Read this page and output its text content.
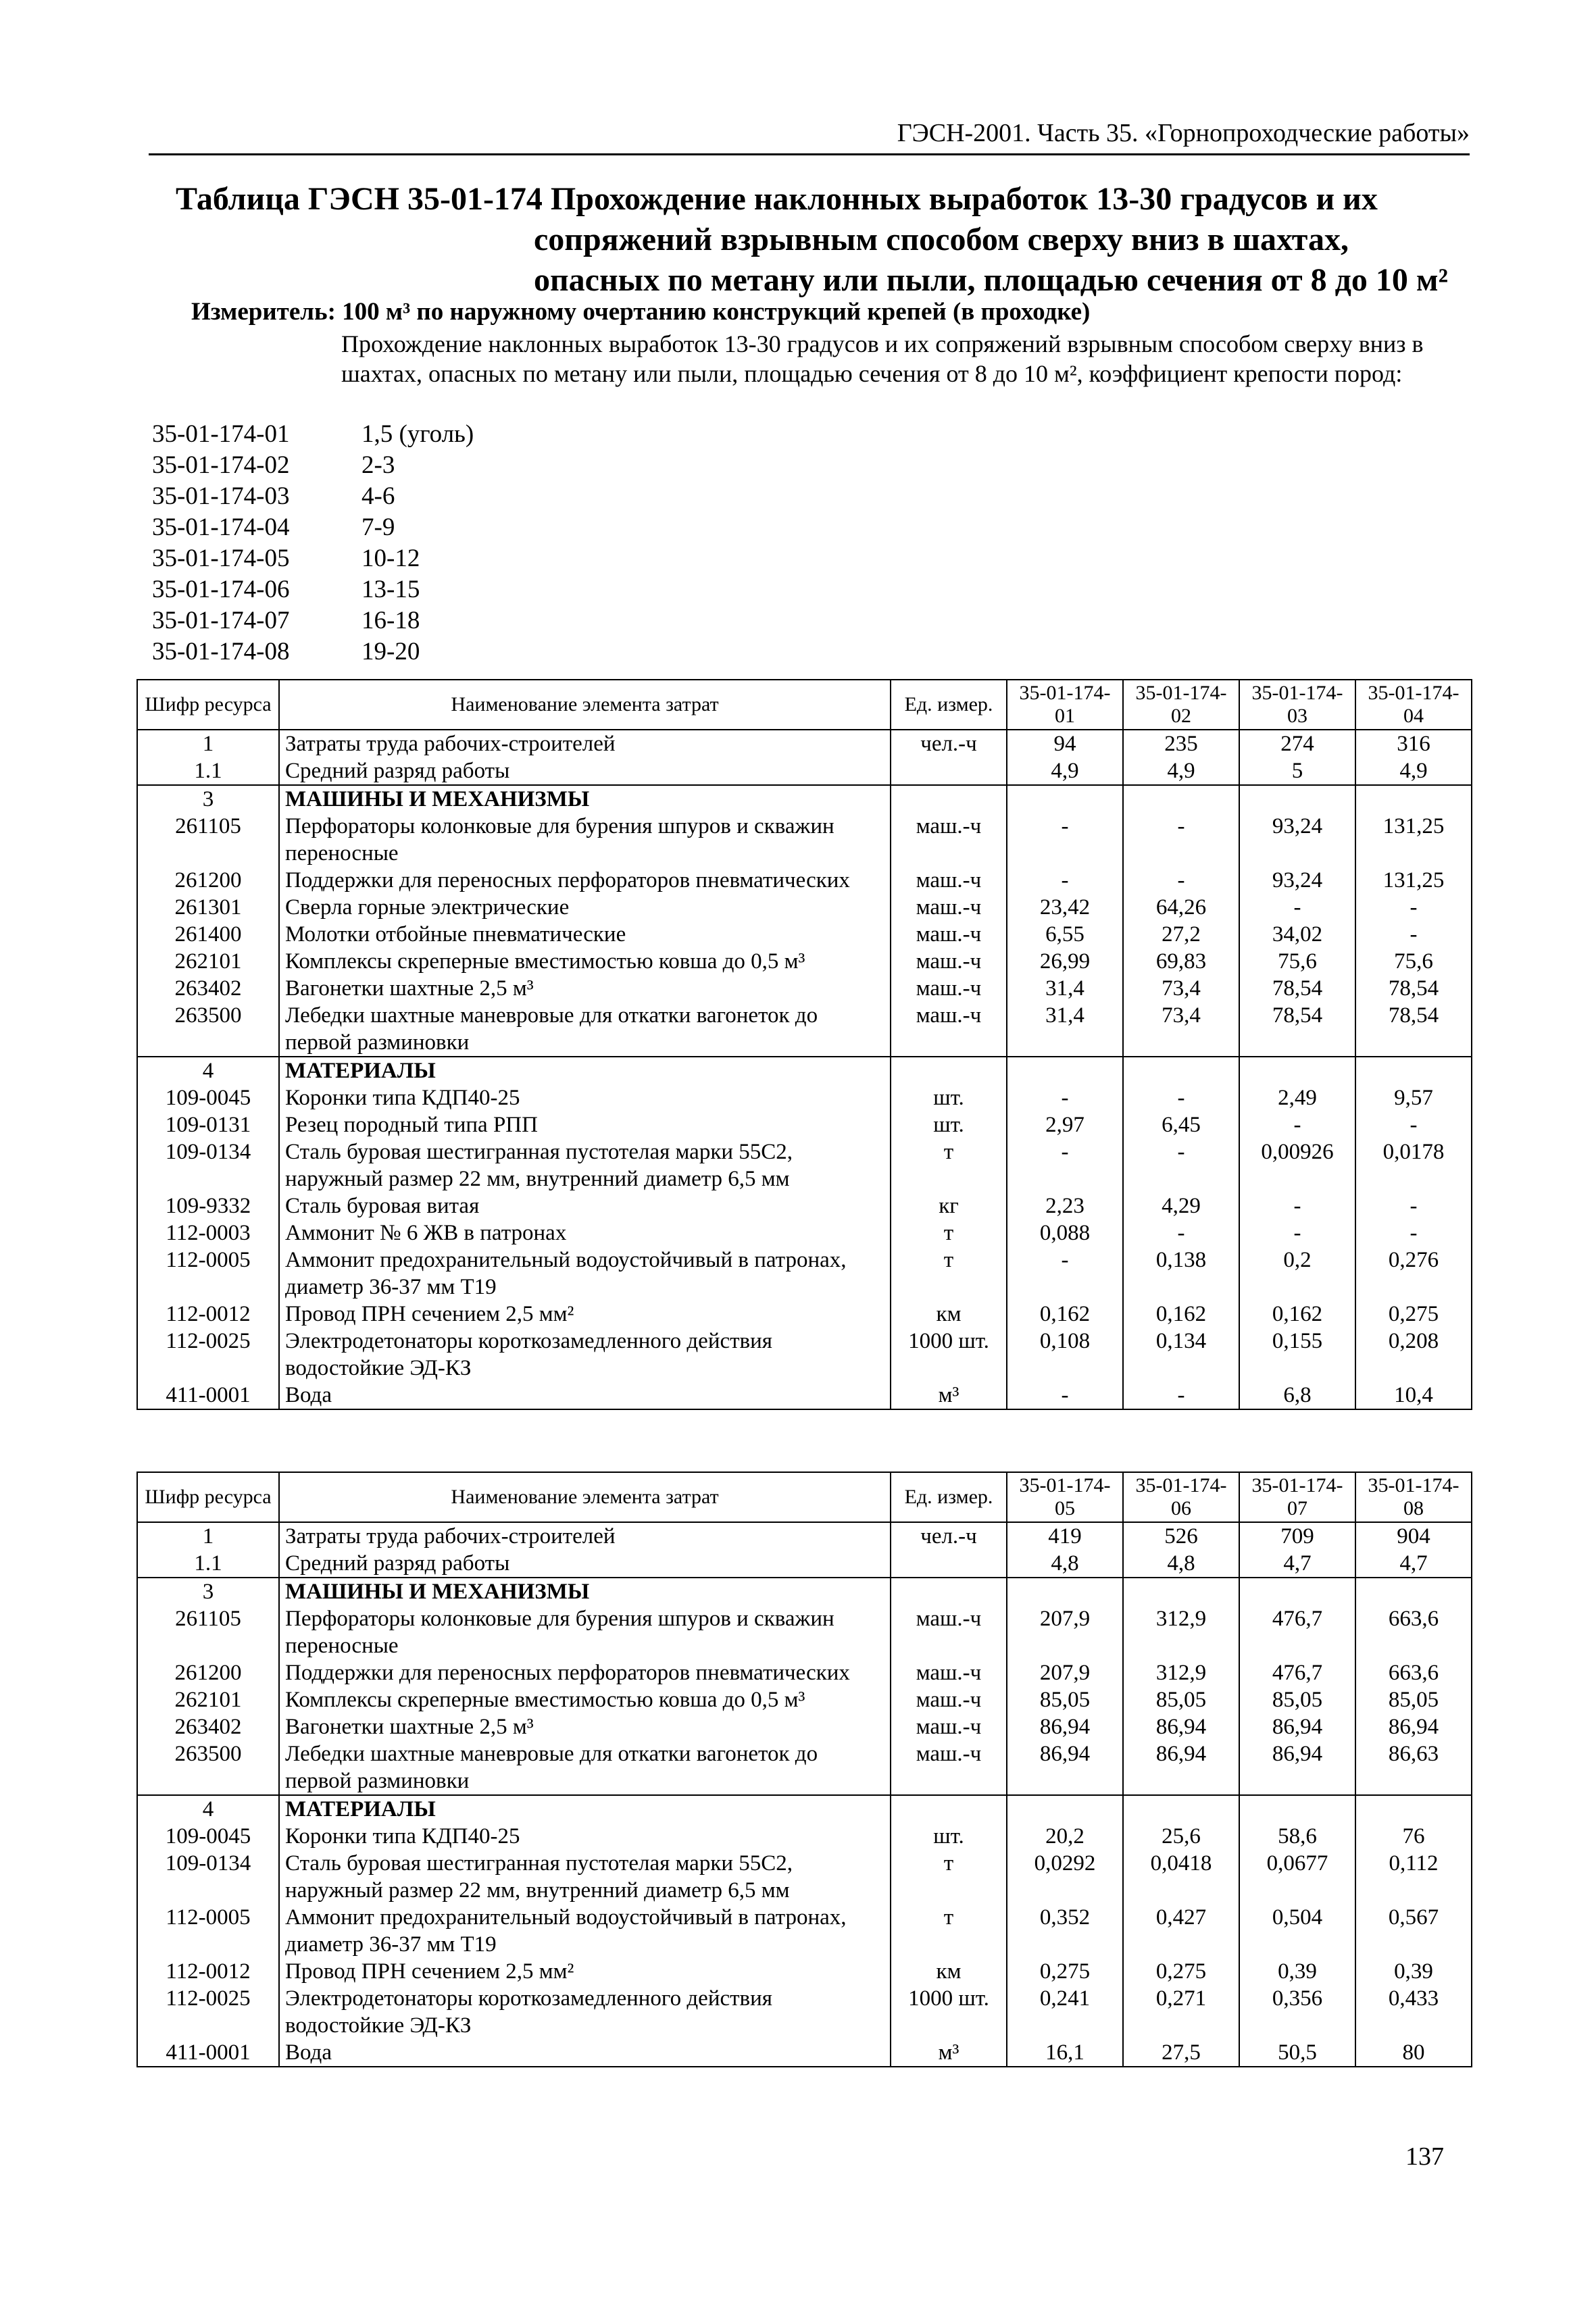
ГЭСН-2001. Часть 35. «Горнопроходческие работы»
Таблица ГЭСН 35-01-174 Прохождение наклонных выработок 13-30 градусов и их
сопряжений взрывным способом сверху вниз в шахтах,
опасных по метану или пыли, площадью сечения от 8 до 10 м²
Измеритель: 100 м³ по наружному очертанию конструкций крепей (в проходке)
Прохождение наклонных выработок 13-30 градусов и их сопряжений взрывным способом сверху вниз в шахтах, опасных по метану или пыли, площадью сечения от 8 до 10 м², коэффициент крепости пород:
35-01-174-01	1,5 (уголь)
35-01-174-02	2-3
35-01-174-03	4-6
35-01-174-04	7-9
35-01-174-05	10-12
35-01-174-06	13-15
35-01-174-07	16-18
35-01-174-08	19-20
Шифр ресурса	Наименование элемента затрат	Ед. измер.	35-01-174-01	35-01-174-02	35-01-174-03	35-01-174-04
1	Затраты труда рабочих-строителей	чел.-ч	94	235	274	316
1.1	Средний разряд работы		4,9	4,9	5	4,9
3	МАШИНЫ И МЕХАНИЗМЫ					
261105	Перфораторы колонковые для бурения шпуров и скважин переносные	маш.-ч	-	-	93,24	131,25
261200	Поддержки для переносных перфораторов пневматических	маш.-ч	-	-	93,24	131,25
261301	Сверла горные электрические	маш.-ч	23,42	64,26	-	-
261400	Молотки отбойные пневматические	маш.-ч	6,55	27,2	34,02	-
262101	Комплексы скреперные вместимостью ковша до 0,5 м³	маш.-ч	26,99	69,83	75,6	75,6
263402	Вагонетки шахтные 2,5 м³	маш.-ч	31,4	73,4	78,54	78,54
263500	Лебедки шахтные маневровые для откатки вагонеток до первой разминовки	маш.-ч	31,4	73,4	78,54	78,54
4	МАТЕРИАЛЫ					
109-0045	Коронки типа КДП40-25	шт.	-	-	2,49	9,57
109-0131	Резец породный типа РПП	шт.	2,97	6,45	-	-
109-0134	Сталь буровая шестигранная пустотелая марки 55С2, наружный размер 22 мм, внутренний диаметр 6,5 мм	т	-	-	0,00926	0,0178
109-9332	Сталь буровая витая	кг	2,23	4,29	-	-
112-0003	Аммонит № 6 ЖВ в патронах	т	0,088	-	-	-
112-0005	Аммонит предохранительный водоустойчивый в патронах, диаметр 36-37 мм Т19	т	-	0,138	0,2	0,276
112-0012	Провод ПРН сечением 2,5 мм²	км	0,162	0,162	0,162	0,275
112-0025	Электродетонаторы короткозамедленного действия водостойкие ЭД-КЗ	1000 шт.	0,108	0,134	0,155	0,208
411-0001	Вода	м³	-	-	6,8	10,4
Шифр ресурса	Наименование элемента затрат	Ед. измер.	35-01-174-05	35-01-174-06	35-01-174-07	35-01-174-08
1	Затраты труда рабочих-строителей	чел.-ч	419	526	709	904
1.1	Средний разряд работы		4,8	4,8	4,7	4,7
3	МАШИНЫ И МЕХАНИЗМЫ					
261105	Перфораторы колонковые для бурения шпуров и скважин переносные	маш.-ч	207,9	312,9	476,7	663,6
261200	Поддержки для переносных перфораторов пневматических	маш.-ч	207,9	312,9	476,7	663,6
262101	Комплексы скреперные вместимостью ковша до 0,5 м³	маш.-ч	85,05	85,05	85,05	85,05
263402	Вагонетки шахтные 2,5 м³	маш.-ч	86,94	86,94	86,94	86,94
263500	Лебедки шахтные маневровые для откатки вагонеток до первой разминовки	маш.-ч	86,94	86,94	86,94	86,63
4	МАТЕРИАЛЫ					
109-0045	Коронки типа КДП40-25	шт.	20,2	25,6	58,6	76
109-0134	Сталь буровая шестигранная пустотелая марки 55С2, наружный размер 22 мм, внутренний диаметр 6,5 мм	т	0,0292	0,0418	0,0677	0,112
112-0005	Аммонит предохранительный водоустойчивый в патронах, диаметр 36-37 мм Т19	т	0,352	0,427	0,504	0,567
112-0012	Провод ПРН сечением 2,5 мм²	км	0,275	0,275	0,39	0,39
112-0025	Электродетонаторы короткозамедленного действия водостойкие ЭД-КЗ	1000 шт.	0,241	0,271	0,356	0,433
411-0001	Вода	м³	16,1	27,5	50,5	80
137
